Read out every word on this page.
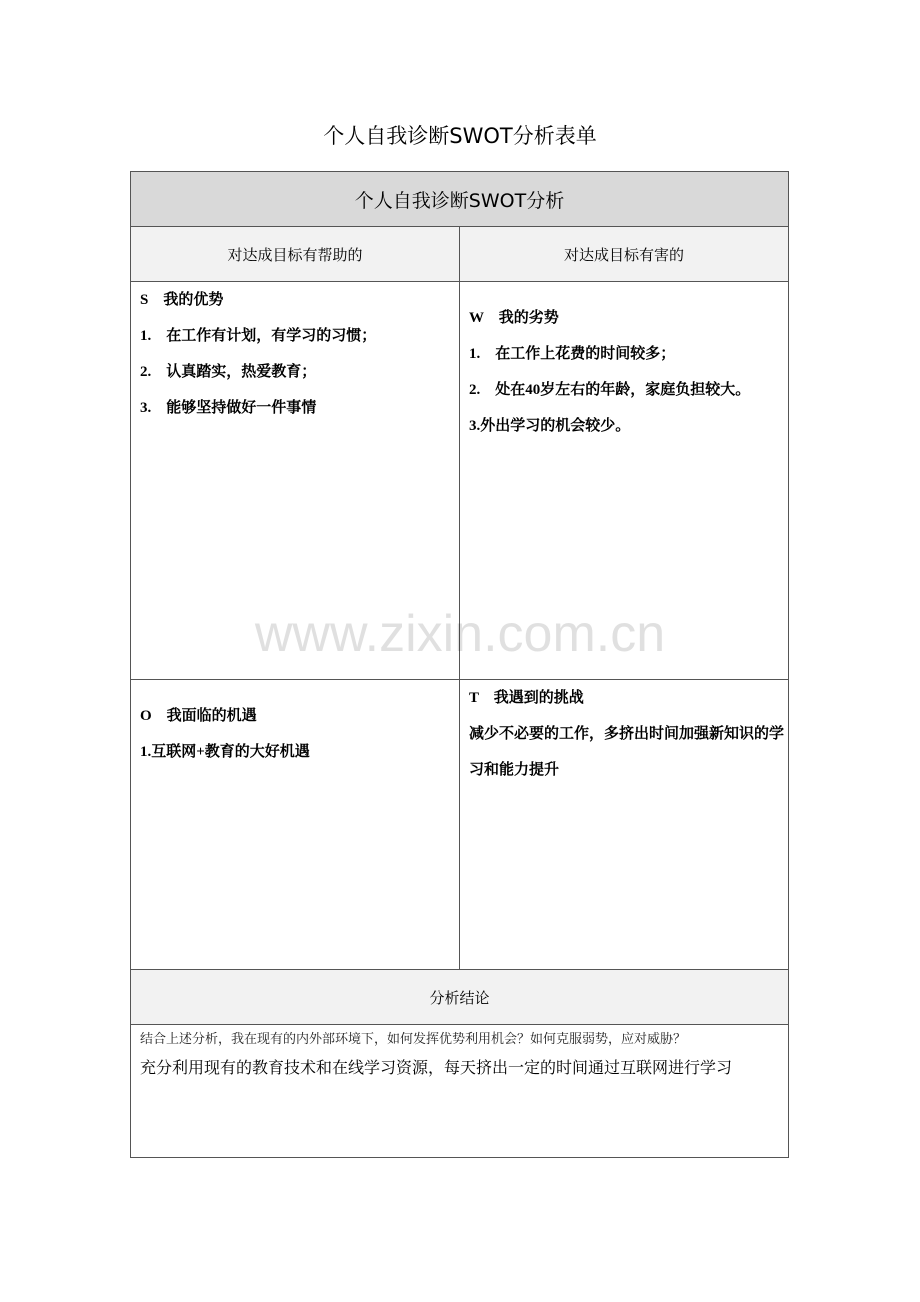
个人自我诊断SWOT分析表单
个人自我诊断SWOT分析
对达成目标有帮助的	对达成目标有害的
S　我的优势
1.　在工作有计划，有学习的习惯；
2.　认真踏实，热爱教育；
3.　能够坚持做好一件事情
W　我的劣势
1.　在工作上花费的时间较多；
2.　处在40岁左右的年龄，家庭负担较大。
3.外出学习的机会较少。
O　我面临的机遇
1.互联网+教育的大好机遇
T　我遇到的挑战
减少不必要的工作，多挤出时间加强新知识的学习和能力提升
分析结论
结合上述分析，我在现有的内外部环境下，如何发挥优势利用机会？如何克服弱势，应对威胁？
充分利用现有的教育技术和在线学习资源，每天挤出一定的时间通过互联网进行学习
www.zixin.com.cn
